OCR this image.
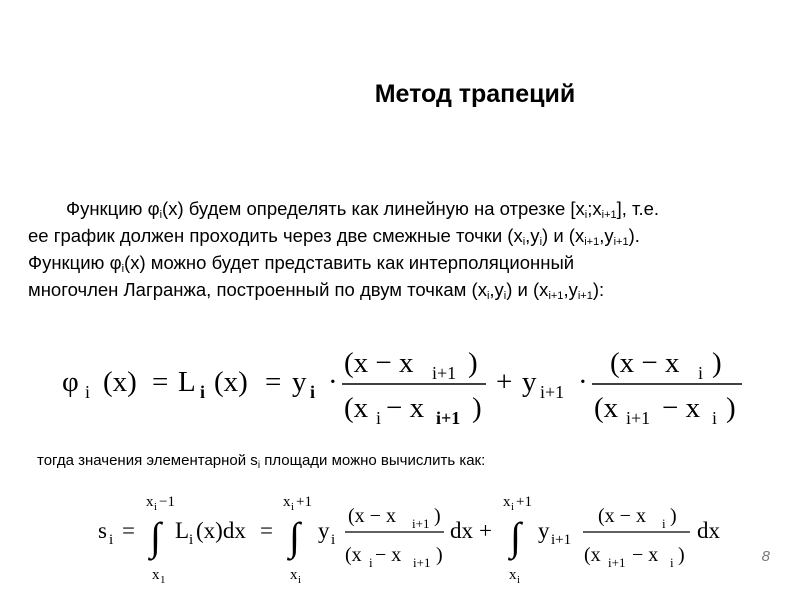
Метод трапеций
Функцию $\varphi_i(x)$ будем определять как линейную на отрезке $[x_i;x_{i+1}]$, т.е.
ее график должен проходить через две смежные точки $(x_i,y_i)$ и $(x_{i+1},y_{i+1})$.
Функцию $\varphi_i(x)$ можно будет представить как интерполяционный
многочлен Лагранжа, построенный по двум точкам $(x_i,y_i)$ и $(x_{i+1},y_{i+1})$:
φ i (x) = L i (x) = y i ·
(x − x i+1 )
(x i − x i+1 )
+ y i+1 ·
(x − x i )
(x i+1 − x i )
s i =
x i −1
∫
x 1
L i (x)dx =
x i +1
∫
x i
y i
(x − x i+1 )
(x i − x i+1 )
dx +
x i +1
∫
x i
y i+1
(x − x i )
(x i+1 − x i )
dx
тогда значения элементарной $s_i$ площади можно вычислить как:
8
